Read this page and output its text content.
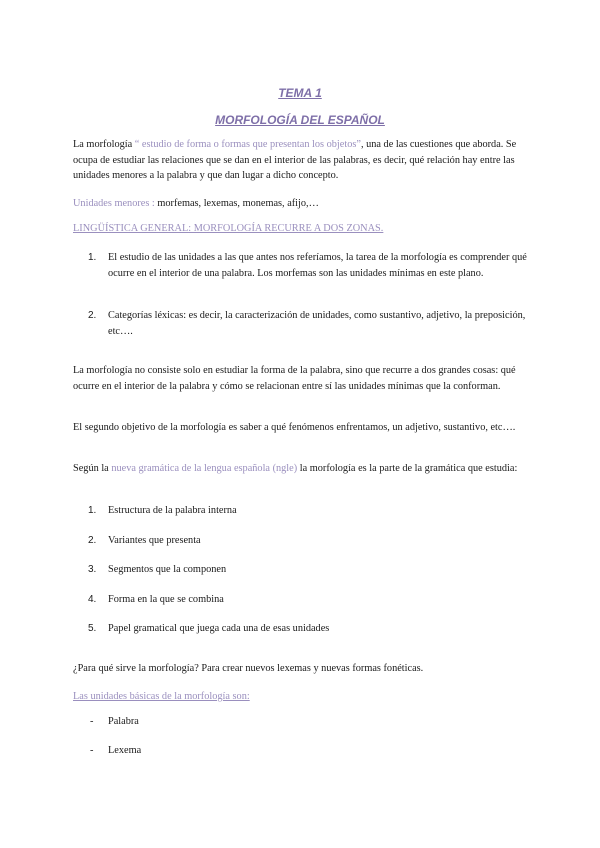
TEMA 1

MORFOLOGÍA DEL ESPAÑOL

La morfología “ estudio de forma o formas que presentan los objetos”, una de las cuestiones que aborda. Se ocupa de estudiar las relaciones que se dan en el interior de las palabras, es decir, qué relación hay entre las unidades menores a la palabra y que dan lugar a dicho concepto.

Unidades menores : morfemas, lexemas, monemas, afijo,…

LINGÜÍSTICA GENERAL: MORFOLOGÍA RECURRE A DOS ZONAS.

1. El estudio de las unidades a las que antes nos referíamos, la tarea de la morfología es comprender qué ocurre en el interior de una palabra. Los morfemas son las unidades mínimas en este plano.
2. Categorías léxicas: es decir, la caracterización de unidades, como sustantivo, adjetivo, la preposición, etc….

La morfología no consiste solo en estudiar la forma de la palabra, sino que recurre a dos grandes cosas: qué ocurre en el interior de la palabra y cómo se relacionan entre sí las unidades mínimas que la conforman.

El segundo objetivo de la morfología es saber a qué fenómenos enfrentamos, un adjetivo, sustantivo, etc….

Según la nueva gramática de la lengua española (ngle) la morfología es la parte de la gramática que estudia:

1. Estructura de la palabra interna
2. Variantes que presenta
3. Segmentos que la componen
4. Forma en la que se combina
5. Papel gramatical que juega cada una de esas unidades

¿Para qué sirve la morfología? Para crear nuevos lexemas y nuevas formas fonéticas.

Las unidades básicas de la morfología son:

- Palabra
- Lexema
